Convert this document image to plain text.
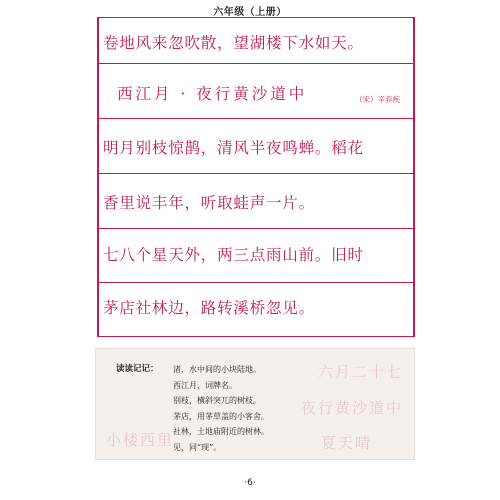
六年级（上册）
卷地风来忽吹散，望湖楼下水如天。
西江月 · 夜行黄沙道中	（宋）辛弃疾
明月别枝惊鹊，清风半夜鸣蝉。稻花
香里说丰年，听取蛙声一片。
七八个星天外，两三点雨山前。旧时
茅店社林边，路转溪桥忽见。
六月二十七
夜行黄沙道中
小楼西里	夏天晴
读读记记： 渚，水中间的小块陆地。
西江月，词牌名。
别枝，横斜突兀的树枝。
茅店，用茅草盖的小客舍。
社林，土地庙附近的树林。
见，同“现”。
·6·
